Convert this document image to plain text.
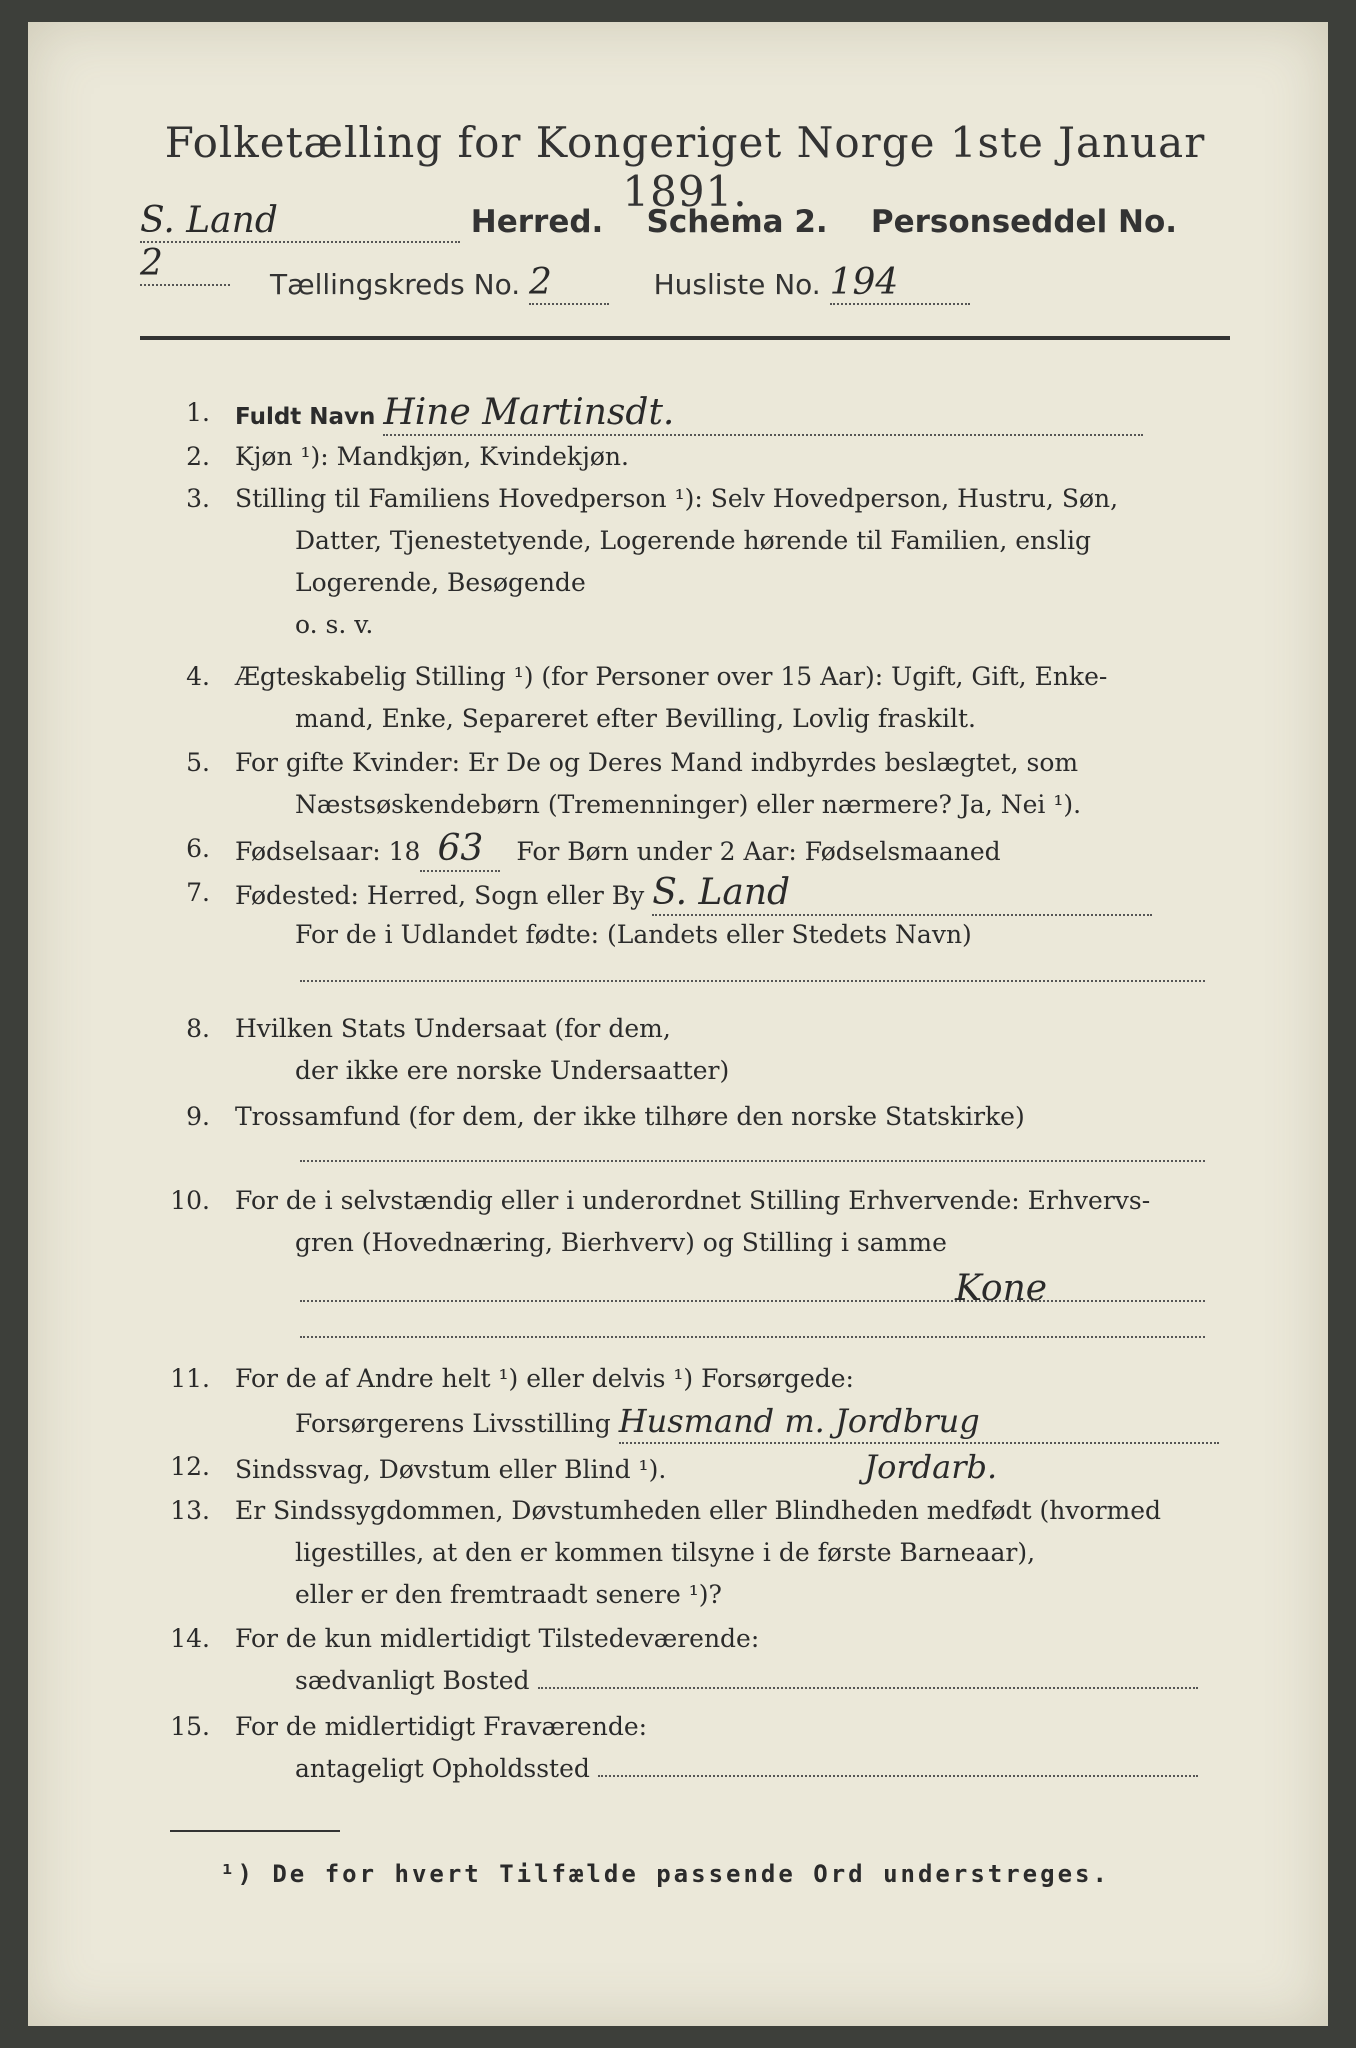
Folketælling for Kongeriget Norge 1ste Januar 1891.
S. Land	Herred. Schema 2. Personseddel No. 2
Tællingskreds No. 2	Husliste No. 194
1. Fuldt Navn Hine Martinsdt.
2. Kjøn ¹): Mandkjøn, Kvindekjøn.
3. Stilling til Familiens Hovedperson ¹): Selv Hovedperson, Hustru, Søn,
Datter, Tjenestetyende, Logerende hørende til Familien, enslig
Logerende, Besøgende
o. s. v.
4. Ægteskabelig Stilling ¹) (for Personer over 15 Aar): Ugift, Gift, Enke-
mand, Enke, Separeret efter Bevilling, Lovlig fraskilt.
5. For gifte Kvinder: Er De og Deres Mand indbyrdes beslægtet, som
Næstsøskendebørn (Tremenninger) eller nærmere? Ja, Nei ¹).
6. Fødselsaar: 18 63 For Børn under 2 Aar: Fødselsmaaned
7. Fødested: Herred, Sogn eller By S. Land
For de i Udlandet fødte: (Landets eller Stedets Navn)
8. Hvilken Stats Undersaat (for dem,
der ikke ere norske Undersaatter)
9. Trossamfund (for dem, der ikke tilhøre den norske Statskirke)
10. For de i selvstændig eller i underordnet Stilling Erhvervende: Erhvervs-
gren (Hovednæring, Bierhverv) og Stilling i samme
Kone
11. For de af Andre helt ¹) eller delvis ¹) Forsørgede:
Forsørgerens Livsstilling Husmand m. Jordbrug
12. Sindssvag, Døvstum eller Blind ¹).	Jordarb.
13. Er Sindssygdommen, Døvstumheden eller Blindheden medfødt (hvormed
ligestilles, at den er kommen tilsyne i de første Barneaar),
eller er den fremtraadt senere ¹)?
14. For de kun midlertidigt Tilstedeværende:
sædvanligt Bosted
15. For de midlertidigt Fraværende:
antageligt Opholdssted
¹) De for hvert Tilfælde passende Ord understreges.
